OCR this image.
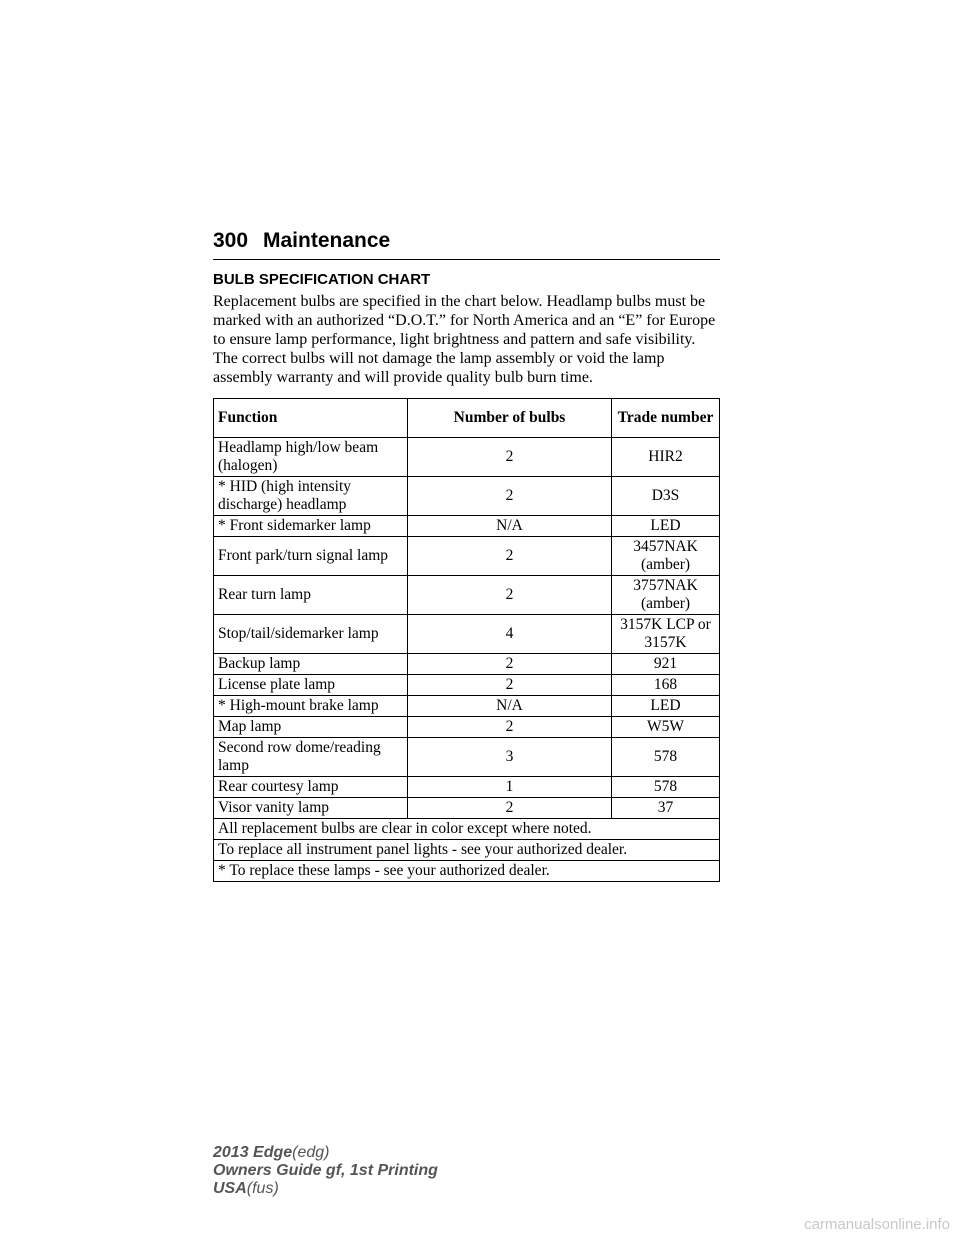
300 Maintenance
BULB SPECIFICATION CHART

Replacement bulbs are specified in the chart below. Headlamp bulbs must be marked with an authorized “D.O.T.” for North America and an “E” for Europe to ensure lamp performance, light brightness and pattern and safe visibility. The correct bulbs will not damage the lamp assembly or void the lamp assembly warranty and will provide quality bulb burn time.

Function	Number of bulbs	Trade number
Headlamp high/low beam (halogen)	2	HIR2
* HID (high intensity discharge) headlamp	2	D3S
* Front sidemarker lamp	N/A	LED
Front park/turn signal lamp	2	3457NAK (amber)
Rear turn lamp	2	3757NAK (amber)
Stop/tail/sidemarker lamp	4	3157K LCP or 3157K
Backup lamp	2	921
License plate lamp	2	168
* High-mount brake lamp	N/A	LED
Map lamp	2	W5W
Second row dome/reading lamp	3	578
Rear courtesy lamp	1	578
Visor vanity lamp	2	37
All replacement bulbs are clear in color except where noted.		
To replace all instrument panel lights - see your authorized dealer.		
* To replace these lamps - see your authorized dealer.		
2013 Edge(edg)
Owners Guide gf, 1st Printing
USA(fus)
carmanualsonline.info
